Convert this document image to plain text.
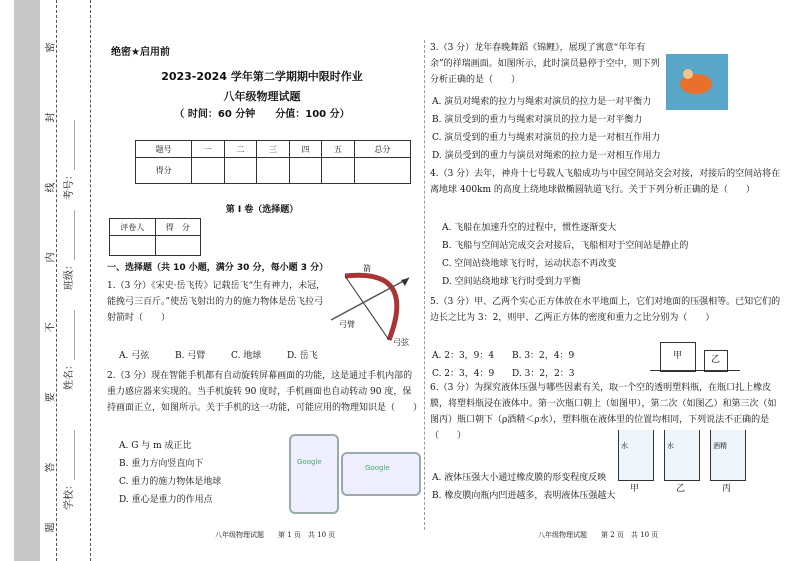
密
封
线
内
不
要
答
题
学校：__________
姓名：__________
班级：__________
考号：__________
绝密★启用前
2023-2024 学年第二学期期中限时作业
八年级物理试题
（ 时间：60 分钟　　分值：100 分）
题号	一	二	三	四	五	总分
得分						
第 I 卷（选择题）
评卷人	得　分

一、选择题（共 10 小题，满分 30 分，每小题 3 分）
1.（3 分）《宋史·岳飞传》记载岳飞“生有神力，未冠，能挽弓三百斤。”使岳飞射出的力的施力物体是岳飞拉弓射箭时（　　）
A. 弓弦	B. 弓臂	C. 地球	D. 岳飞
箭
弓臂
弓弦
2.（3 分）现在智能手机都有自动旋转屏幕画面的功能，这是通过手机内部的重力感应器来实现的。当手机旋转 90 度时，手机画面也自动转动 90 度，保持画面正立，如图所示。关于手机的这一功能，可能应用的物理知识是（　　）
A. G 与 m 成正比
B. 重力方向竖直向下
C. 重力的施力物体是地球
D. 重心是重力的作用点
Google
Google
八年级物理试题　　第 1 页　共 10 页
3.（3 分）龙年春晚舞蹈《锦鲤》，展现了寓意“年年有余”的祥瑞画面。如图所示，此时演员悬停于空中，则下列分析正确的是（　　）
A. 演员对绳索的拉力与绳索对演员的拉力是一对平衡力
B. 演员受到的重力与绳索对演员的拉力是一对平衡力
C. 演员受到的重力与绳索对演员的拉力是一对相互作用力
D. 演员受到的重力与演员对绳索的拉力是一对相互作用力
4.（3 分）去年，神舟十七号载人飞船成功与中国空间站交会对接，对接后的空间站将在离地球 400km 的高度上绕地球做椭圆轨道飞行。关于下列分析正确的是（　　）
A. 飞船在加速升空的过程中，惯性逐渐变大
B. 飞船与空间站完成交会对接后，飞船相对于空间站是静止的
C. 空间站绕地球飞行时，运动状态不再改变
D. 空间站绕地球飞行时受到力平衡
5.（3 分）甲、乙两个实心正方体放在水平地面上，它们对地面的压强相等。已知它们的边长之比为 3：2，则甲、乙两正方体的密度和重力之比分别为（　　）
A. 2：3，9：4 B. 3：2，4：9
C. 2：3，4：9 D. 3：2，2：3
甲	乙
6.（3 分）为探究液体压强与哪些因素有关，取一个空的透明塑料瓶，在瓶口扎上橡皮膜，将塑料瓶浸在液体中。第一次瓶口朝上（如图甲），第二次（如图乙）和第三次（如图丙）瓶口朝下（ρ酒精＜ρ水），塑料瓶在液体里的位置均相同，下列说法不正确的是（　　）
A. 液体压强大小通过橡皮膜的形变程度反映
B. 橡皮膜向瓶内凹进越多，表明液体压强越大
水	水	酒精
甲	乙	丙
八年级物理试题　　第 2 页　共 10 页
